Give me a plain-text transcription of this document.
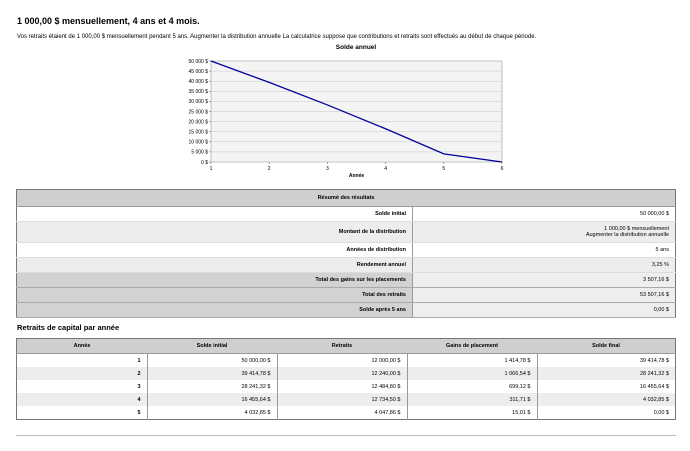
1 000,00 $ mensuellement, 4 ans et 4 mois.

Vos retraits étaient de 1 000,00 $ mensuellement pendant 5 ans. Augmenter la distribution annuelle La calculatrice suppose que contributions et retraits sont effectués au début de chaque période.

Solde annuel
0 $
5 000 $
10 000 $
15 000 $
20 000 $
25 000 $
30 000 $
35 000 $
40 000 $
45 000 $
50 000 $
1	2	3	4	5	6
Année
Résumé des résultats	
Solde initial	50 000,00 $
Montant de la distribution	1 000,00 $ mensuellement
Augmenter la distribution annuelle

Années de distribution	5 ans
Rendement annuel	3,25 %
Total des gains sur les placements	3 507,16 $
Total des retraits	53 507,16 $
Solde après 5 ans	0,00 $
Retraits de capital par année
Année	Solde initial	Retraits	Gains de placement	Solde final
1	50 000,00 $	12 000,00 $	1 414,78 $	39 414,78 $
2	39 414,78 $	12 240,00 $	1 066,54 $	28 241,32 $
3	28 241,32 $	12 484,80 $	699,12 $	16 455,64 $
4	16 455,64 $	12 734,50 $	311,71 $	4 032,85 $
5	4 032,85 $	4 047,86 $	15,01 $	0,00 $
